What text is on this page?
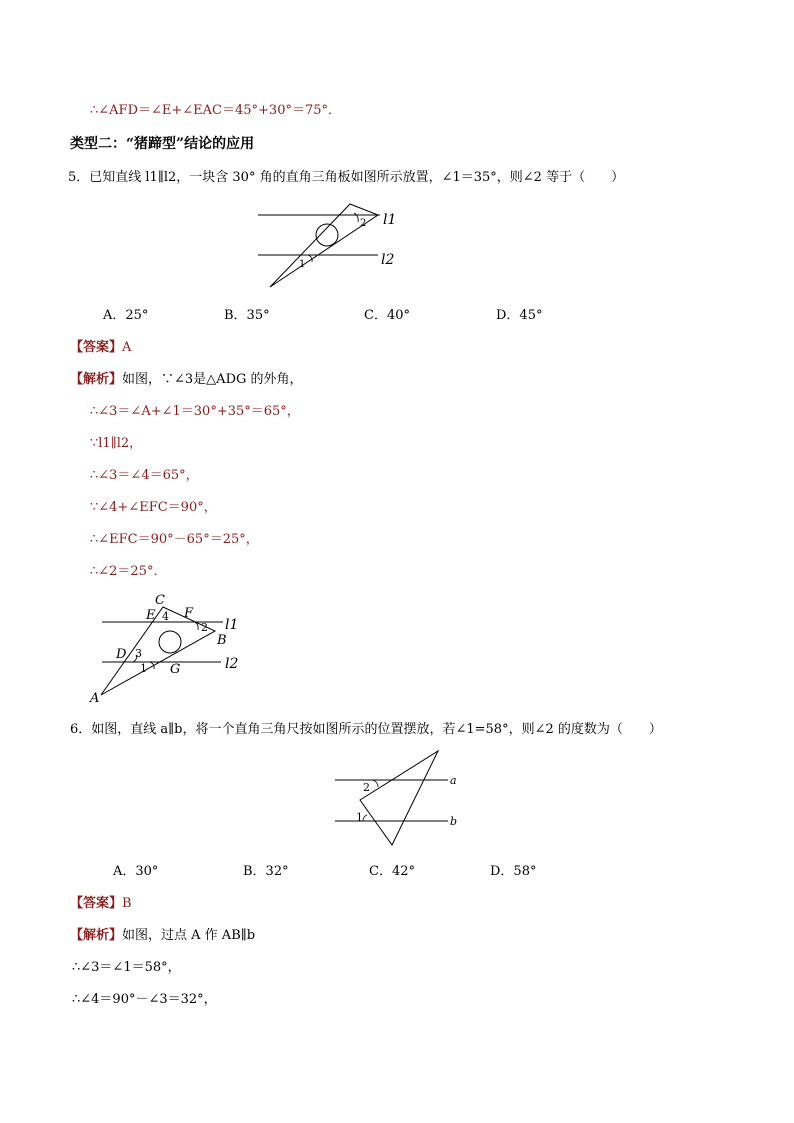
∴∠AFD＝∠E+∠EAC＝45°+30°＝75°．
类型二：“猪蹄型”结论的应用
5．已知直线 l1∥l2，一块含 30° 角的直角三角板如图所示放置，∠1＝35°，则∠2 等于（　　）
l1
l2
2
1
A．25°	B．35°	C．40°	D．45°
【答案】A
【解析】如图，∵∠3是△ADG 的外角，
∴∠3＝∠A+∠1＝30°+35°＝65°，
∵l1∥l2，
∴∠3＝∠4＝65°，
∵∠4+∠EFC＝90°，
∴∠EFC＝90°－65°＝25°，
∴∠2＝25°．
C
E 4 F
2
B
l1
l2
D 3
1 G
A
6．如图，直线 a∥b，将一个直角三角尺按如图所示的位置摆放，若∠1=58°，则∠2 的度数为（　　）
2
1
a
b
A．30°	B．32°	C．42°	D．58°
【答案】B
【解析】如图，过点 A 作 AB∥b
∴∠3＝∠1＝58°，
∴∠4＝90°－∠3＝32°，
